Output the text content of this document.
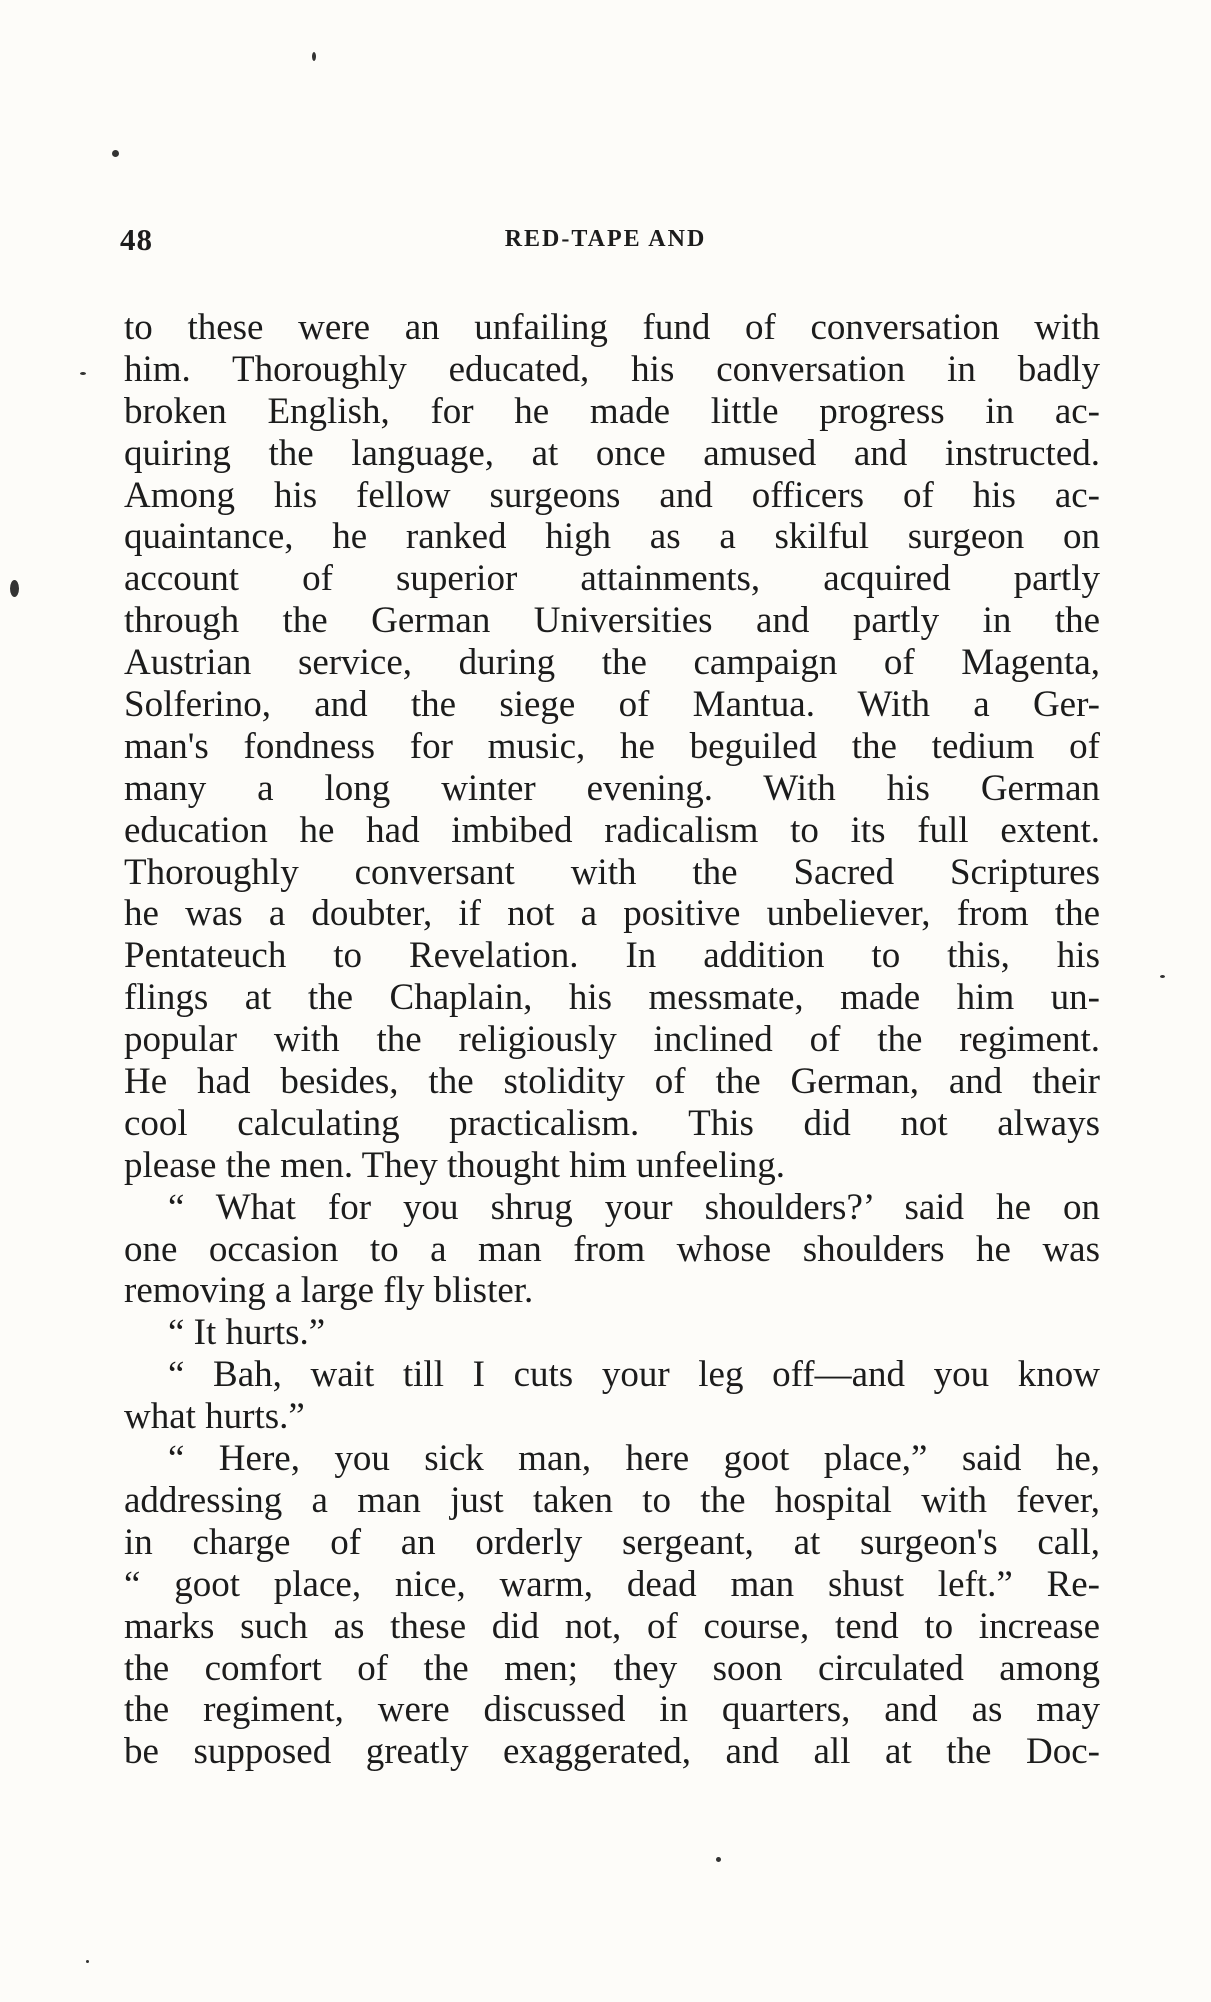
48	RED-TAPE AND
to these were an unfailing fund of conversation with
him. Thoroughly educated, his conversation in badly
broken English, for he made little progress in ac-
quiring the language, at once amused and instructed.
Among his fellow surgeons and officers of his ac-
quaintance, he ranked high as a skilful surgeon on
account of superior attainments, acquired partly
through the German Universities and partly in the
Austrian service, during the campaign of Magenta,
Solferino, and the siege of Mantua. With a Ger-
man's fondness for music, he beguiled the tedium of
many a long winter evening. With his German
education he had imbibed radicalism to its full extent.
Thoroughly conversant with the Sacred Scriptures
he was a doubter, if not a positive unbeliever, from the
Pentateuch to Revelation. In addition to this, his
flings at the Chaplain, his messmate, made him un-
popular with the religiously inclined of the regiment.
He had besides, the stolidity of the German, and their
cool calculating practicalism. This did not always
please the men. They thought him unfeeling.
“ What for you shrug your shoulders?’ said he on
one occasion to a man from whose shoulders he was
removing a large fly blister.
“ It hurts.”
“ Bah, wait till I cuts your leg off—and you know
what hurts.”
“ Here, you sick man, here goot place,” said he,
addressing a man just taken to the hospital with fever,
in charge of an orderly sergeant, at surgeon's call,
“ goot place, nice, warm, dead man shust left.” Re-
marks such as these did not, of course, tend to increase
the comfort of the men; they soon circulated among
the regiment, were discussed in quarters, and as may
be supposed greatly exaggerated, and all at the Doc-
